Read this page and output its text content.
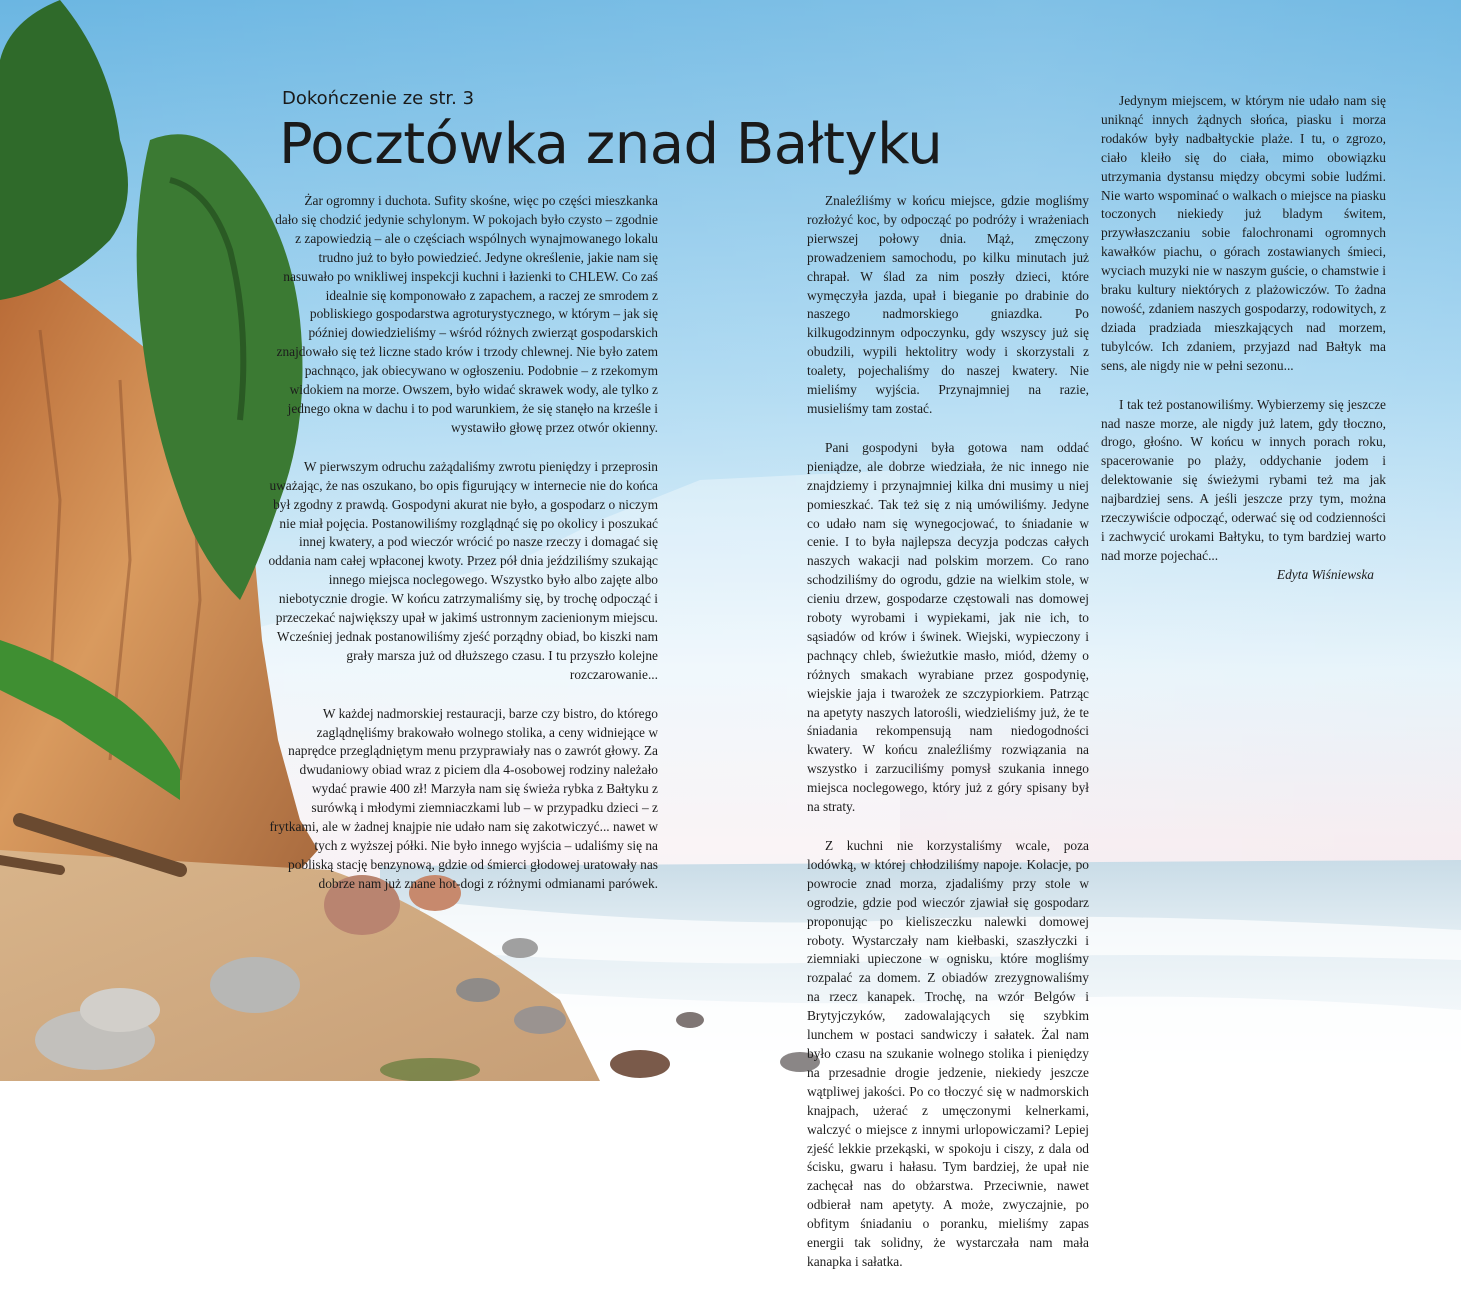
Dokończenie ze str. 3
Pocztówka znad Bałtyku

Żar ogromny i duchota. Sufity skośne, więc po części mieszkanka dało się chodzić jedynie schylonym. W pokojach było czysto – zgodnie z zapowiedzią – ale o częściach wspólnych wynajmowanego lokalu trudno już to było powiedzieć. Jedyne określenie, jakie nam się nasuwało po wnikliwej inspekcji kuchni i łazienki to CHLEW. Co zaś idealnie się komponowało z zapachem, a raczej ze smrodem z pobliskiego gospodarstwa agroturystycznego, w którym – jak się później dowiedzieliśmy – wśród różnych zwierząt gospodarskich znajdowało się też liczne stado krów i trzody chlewnej. Nie było zatem pachnąco, jak obiecywano w ogłoszeniu. Podobnie – z rzekomym widokiem na morze. Owszem, było widać skrawek wody, ale tylko z jednego okna w dachu i to pod warunkiem, że się stanęło na krześle i wystawiło głowę przez otwór okienny.

W pierwszym odruchu zażądaliśmy zwrotu pieniędzy i przeprosin uważając, że nas oszukano, bo opis figurujący w internecie nie do końca był zgodny z prawdą. Gospodyni akurat nie było, a gospodarz o niczym nie miał pojęcia. Postanowiliśmy rozglądnąć się po okolicy i poszukać innej kwatery, a pod wieczór wrócić po nasze rzeczy i domagać się oddania nam całej wpłaconej kwoty. Przez pół dnia jeździliśmy szukając innego miejsca noclegowego. Wszystko było albo zajęte albo niebotycznie drogie. W końcu zatrzymaliśmy się, by trochę odpocząć i przeczekać największy upał w jakimś ustronnym zacienionym miejscu. Wcześniej jednak postanowiliśmy zjeść porządny obiad, bo kiszki nam grały marsza już od dłuższego czasu. I tu przyszło kolejne rozczarowanie...

W każdej nadmorskiej restauracji, barze czy bistro, do którego zaglądnęliśmy brakowało wolnego stolika, a ceny widniejące w naprędce przeglądniętym menu przyprawiały nas o zawrót głowy. Za dwudaniowy obiad wraz z piciem dla 4-osobowej rodziny należało wydać prawie 400 zł! Marzyła nam się świeża rybka z Bałtyku z surówką i młodymi ziemniaczkami lub – w przypadku dzieci – z frytkami, ale w żadnej knajpie nie udało nam się zakotwiczyć... nawet w tych z wyższej półki. Nie było innego wyjścia – udaliśmy się na pobliską stację benzynową, gdzie od śmierci głodowej uratowały nas dobrze nam już znane hot-dogi z różnymi odmianami parówek.

Znaleźliśmy w końcu miejsce, gdzie mogliśmy rozłożyć koc, by odpocząć po podróży i wrażeniach pierwszej połowy dnia. Mąż, zmęczony prowadzeniem samochodu, po kilku minutach już chrapał. W ślad za nim poszły dzieci, które wymęczyła jazda, upał i bieganie po drabinie do naszego nadmorskiego gniazdka. Po kilkugodzinnym odpoczynku, gdy wszyscy już się obudzili, wypili hektolitry wody i skorzystali z toalety, pojechaliśmy do naszej kwatery. Nie mieliśmy wyjścia. Przynajmniej na razie, musieliśmy tam zostać.

Pani gospodyni była gotowa nam oddać pieniądze, ale dobrze wiedziała, że nic innego nie znajdziemy i przynajmniej kilka dni musimy u niej pomieszkać. Tak też się z nią umówiliśmy. Jedyne co udało nam się wynegocjować, to śniadanie w cenie. I to była najlepsza decyzja podczas całych naszych wakacji nad polskim morzem. Co rano schodziliśmy do ogrodu, gdzie na wielkim stole, w cieniu drzew, gospodarze częstowali nas domowej roboty wyrobami i wypiekami, jak nie ich, to sąsiadów od krów i świnek. Wiejski, wypieczony i pachnący chleb, świeżutkie masło, miód, dżemy o różnych smakach wyrabiane przez gospodynię, wiejskie jaja i twarożek ze szczypiorkiem. Patrząc na apetyty naszych latorośli, wiedzieliśmy już, że te śniadania rekompensują nam niedogodności kwatery. W końcu znaleźliśmy rozwiązania na wszystko i zarzuciliśmy pomysł szukania innego miejsca noclegowego, który już z góry spisany był na straty.

Z kuchni nie korzystaliśmy wcale, poza lodówką, w której chłodziliśmy napoje. Kolacje, po powrocie znad morza, zjadaliśmy przy stole w ogrodzie, gdzie pod wieczór zjawiał się gospodarz proponując po kieliszeczku nalewki domowej roboty. Wystarczały nam kiełbaski, szaszłyczki i ziemniaki upieczone w ognisku, które mogliśmy rozpalać za domem. Z obiadów zrezygnowaliśmy na rzecz kanapek. Trochę, na wzór Belgów i Brytyjczyków, zadowalających się szybkim lunchem w postaci sandwiczy i sałatek. Żal nam było czasu na szukanie wolnego stolika i pieniędzy na przesadnie drogie jedzenie, niekiedy jeszcze wątpliwej jakości. Po co tłoczyć się w nadmorskich knajpach, użerać z umęczonymi kelnerkami, walczyć o miejsce z innymi urlopowiczami? Lepiej zjeść lekkie przekąski, w spokoju i ciszy, z dala od ścisku, gwaru i hałasu. Tym bardziej, że upał nie zachęcał nas do obżarstwa. Przeciwnie, nawet odbierał nam apetyty. A może, zwyczajnie, po obfitym śniadaniu o poranku, mieliśmy zapas energii tak solidny, że wystarczała nam mała kanapka i sałatka.

Jedynym miejscem, w którym nie udało nam się uniknąć innych żądnych słońca, piasku i morza rodaków były nadbałtyckie plaże. I tu, o zgrozo, ciało kleiło się do ciała, mimo obowiązku utrzymania dystansu między obcymi sobie ludźmi. Nie warto wspominać o walkach o miejsce na piasku toczonych niekiedy już bladym świtem, przywłaszczaniu sobie falochronami ogromnych kawałków piachu, o górach zostawianych śmieci, wyciach muzyki nie w naszym guście, o chamstwie i braku kultury niektórych z plażowiczów. To żadna nowość, zdaniem naszych gospodarzy, rodowitych, z dziada pradziada mieszkających nad morzem, tubylców. Ich zdaniem, przyjazd nad Bałtyk ma sens, ale nigdy nie w pełni sezonu...

I tak też postanowiliśmy. Wybierzemy się jeszcze nad nasze morze, ale nigdy już latem, gdy tłoczno, drogo, głośno. W końcu w innych porach roku, spacerowanie po plaży, oddychanie jodem i delektowanie się świeżymi rybami też ma jak najbardziej sens. A jeśli jeszcze przy tym, można rzeczywiście odpocząć, oderwać się od codzienności i zachwycić urokami Bałtyku, to tym bardziej warto nad morze pojechać...

Edyta Wiśniewska
